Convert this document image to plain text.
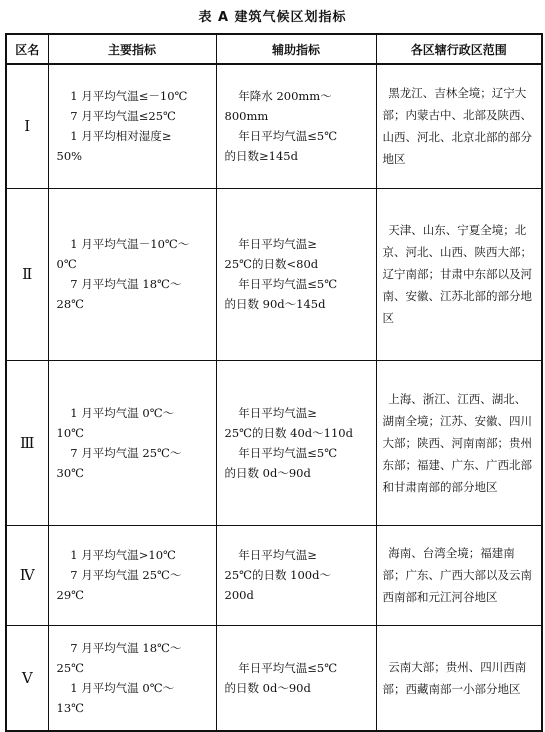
表 A 建筑气候区划指标
区名	主要指标	辅助指标	各区辖行政区范围
Ⅰ	1 月平均气温≤－10℃
7 月平均气温≤25℃
1 月平均相对湿度≥
50%	年降水 200mm～
800mm
年日平均气温≤5℃
的日数≥145d	黑龙江、吉林全境；辽宁大部；内蒙古中、北部及陕西、山西、河北、北京北部的部分地区

Ⅱ	1 月平均气温－10℃～
0℃
7 月平均气温 18℃～
28℃	年日平均气温≥
25℃的日数<80d
年日平均气温≤5℃
的日数 90d～145d	天津、山东、宁夏全境；北京、河北、山西、陕西大部；辽宁南部；甘肃中东部以及河南、安徽、江苏北部的部分地区

Ⅲ	1 月平均气温 0℃～
10℃
7 月平均气温 25℃～
30℃	年日平均气温≥
25℃的日数 40d～110d
年日平均气温≤5℃
的日数 0d～90d	上海、浙江、江西、湖北、湖南全境；江苏、安徽、四川大部；陕西、河南南部；贵州东部；福建、广东、广西北部和甘肃南部的部分地区

Ⅳ	1 月平均气温>10℃
7 月平均气温 25℃～
29℃	年日平均气温≥
25℃的日数 100d～
200d	海南、台湾全境；福建南部；广东、广西大部以及云南西南部和元江河谷地区

Ⅴ	7 月平均气温 18℃～
25℃
1 月平均气温 0℃～
13℃	年日平均气温≤5℃
的日数 0d～90d	云南大部；贵州、四川西南部；西藏南部一小部分地区
